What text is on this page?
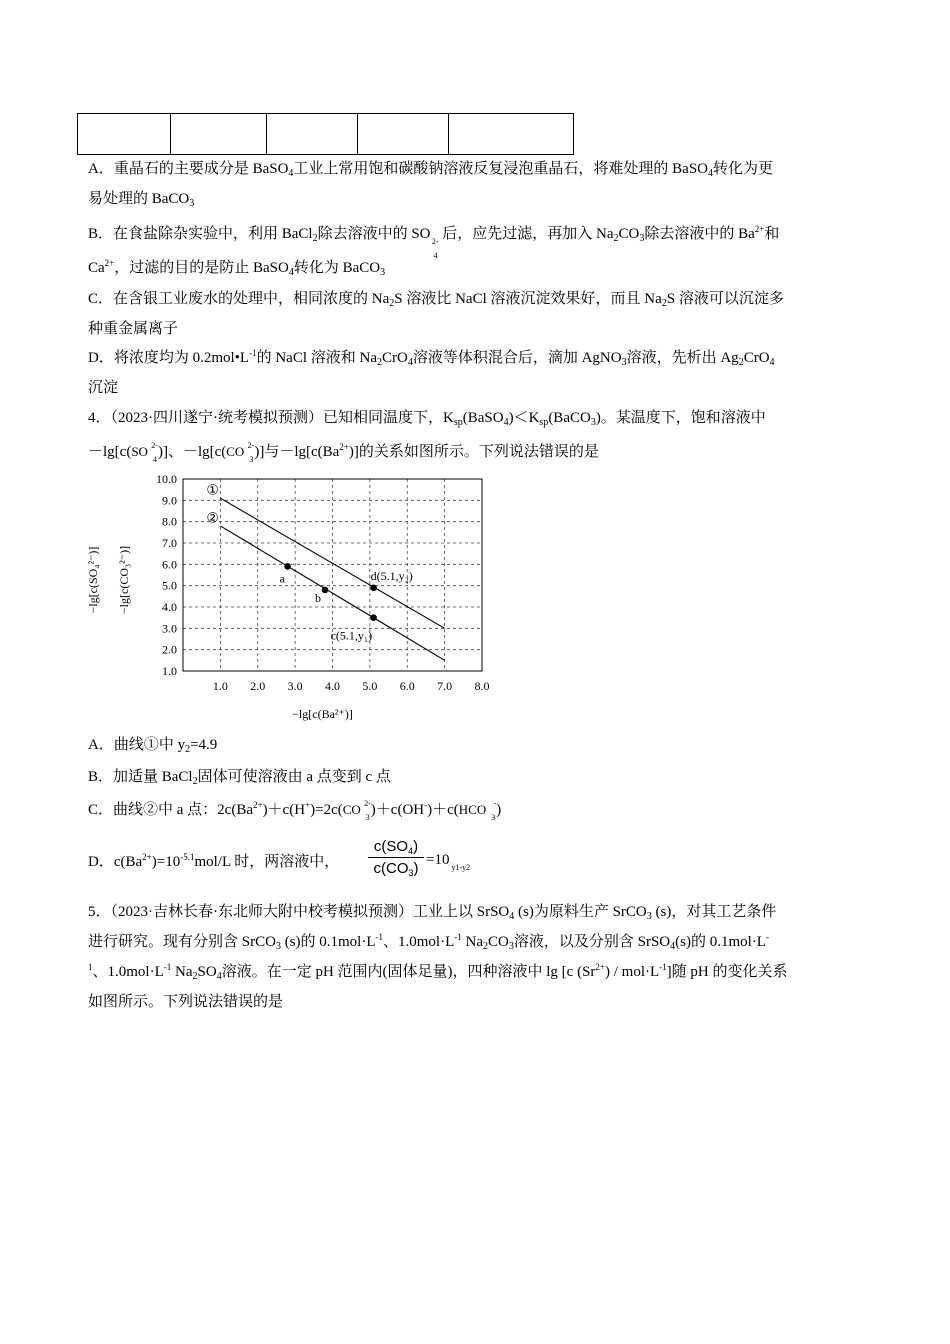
A．重晶石的主要成分是 BaSO$_4$工业上常用饱和碳酸钠溶液反复浸泡重晶石，将难处理的 BaSO$_4$转化为更
易处理的 BaCO$_3$
B．在食盐除杂实验中，利用 BaCl$_2$除去溶液中的 SO 2-
4
后，应先过滤，再加入 $Na_2CO_3$除去溶液中的 $Ba^{2+}$和
$Ca^{2+}$，过滤的目的是防止 BaSO$_4$转化为 BaCO$_3$
C．在含银工业废水的处理中，相同浓度的 $Na_2S$ 溶液比 NaCl 溶液沉淀效果好，而且 $Na_2S$ 溶液可以沉淀多
种重金属离子
D．将浓度均为 $0.2mol•L^{-1}$的 NaCl 溶液和 $Na_2CrO_4$溶液等体积混合后，滴加 AgNO$_3$溶液，先析出 $Ag_2CrO_4$
沉淀
4．（2023·四川遂宁·统考模拟预测）已知相同温度下，$K_{sp}(BaSO_4)<K_{sp}(BaCO_3)$。某温度下，饱和溶液中
－lg[c(SO 2-
4 )]、－lg[c(CO 2-
3 )]与$-\lg[c(Ba^{2+})]$的关系如图所示。下列说法错误的是
1.0 2.0 3.0 4.0 5.0 6.0 7.0 8.0
10.0
9.0
8.0
7.0
6.0
5.0
4.0
3.0
2.0
1.0
−lg[c(Ba²⁺)]
−lg[c(SO₄²⁻)] −lg[c(CO₃²⁻)]
①
②
a
b
d(5.1,y₂)
c(5.1,y₁)
A．曲线①中 $y_2=4.9$
B．加适量 BaCl$_2$固体可使溶液由 a 点变到 c 点
C．曲线②中 a 点：$2c(Ba^{2+})+c(H^+)=2c(CO$ 2-
3 )＋c(OH-)＋c(HCO -
3 )
D．$c(Ba^{2+})=10^{-5.1}mol/L$ 时，两溶液中， $\frac{c(SO_4)}{c(CO_3)} =10$ $_{y1-y2}$
5．（2023·吉林长春·东北师大附中校考模拟预测）工业上以 SrSO$_4$ (s)为原料生产 SrCO$_3$ (s)，对其工艺条件
进行研究。现有分别含 SrCO$_3$ (s)的 $0.1mol\cdot L^{-1}$、$1.0mol\cdot L^{-1}$ $Na_2CO_3$溶液，以及分别含 SrSO$_4$(s)的 0.1mol·L-
$^1$、$1.0mol\cdot L^{-1}$ $Na_2SO_4$溶液。在一定 pH 范围内(固体足量)，四种溶液中 lg [c $(Sr^{2+}) / mol\cdot L^{-1}$]随 pH 的变化关系
如图所示。下列说法错误的是
